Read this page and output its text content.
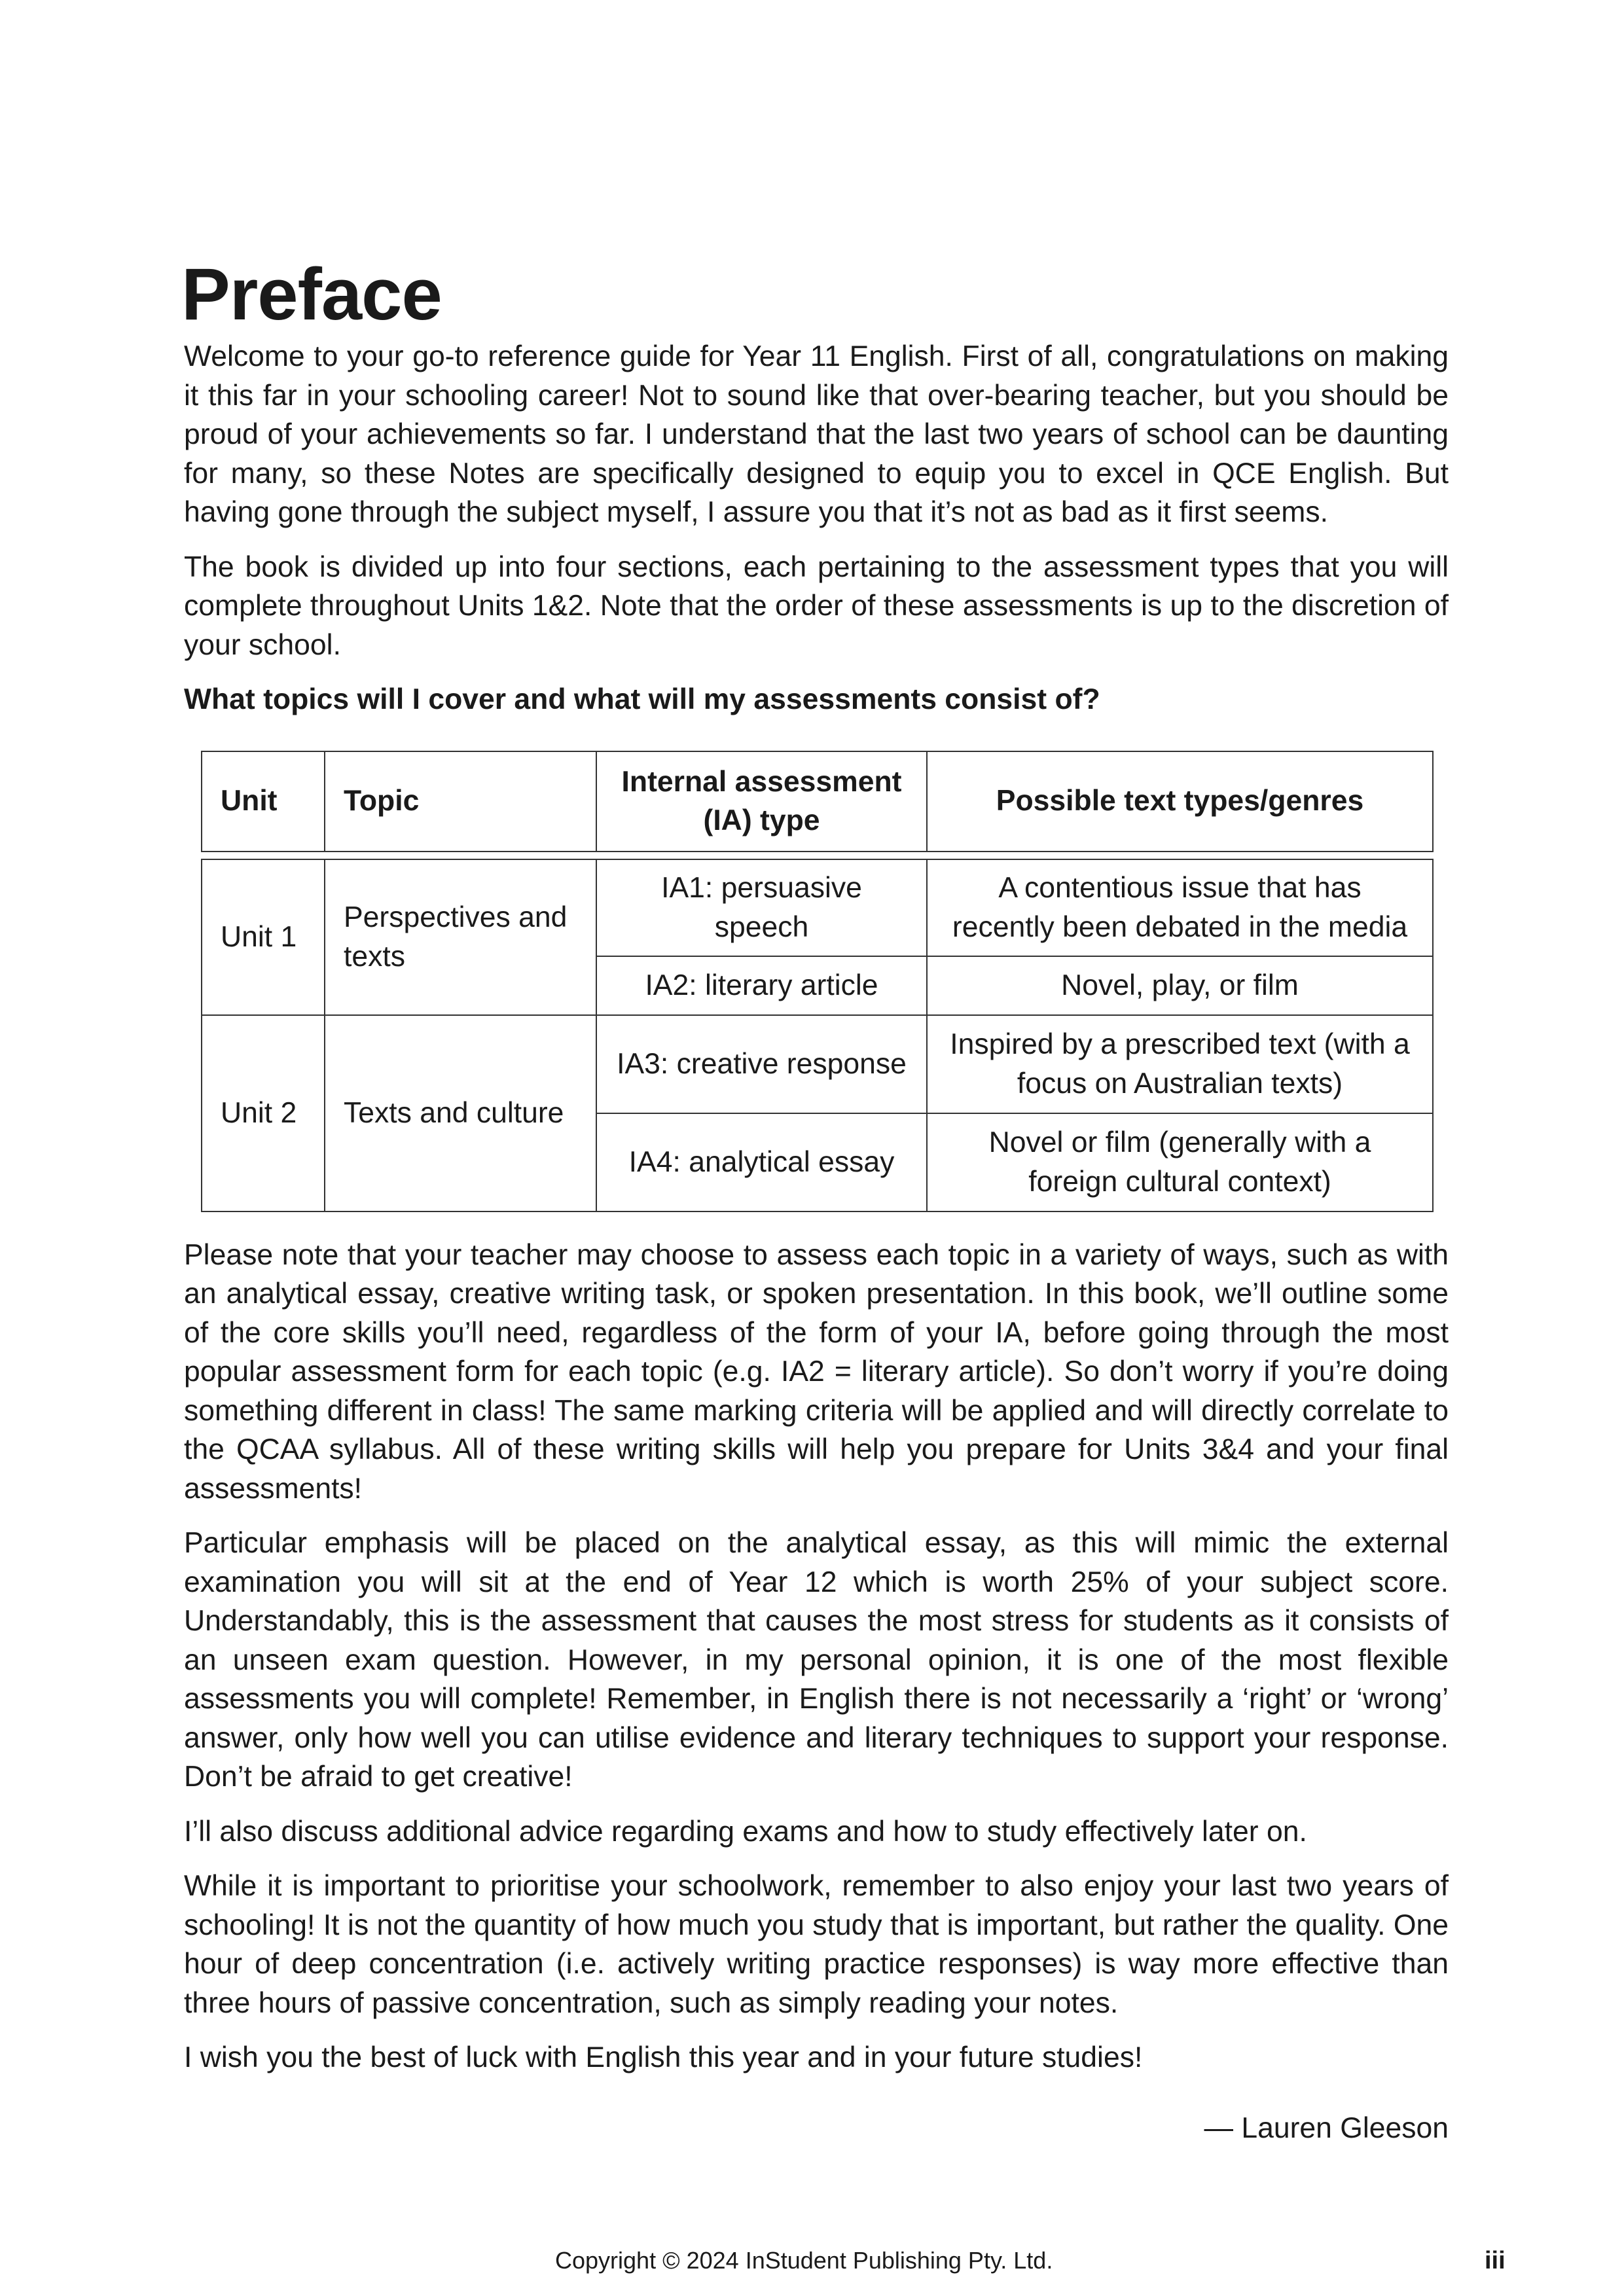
Preface

Welcome to your go-to reference guide for Year 11 English. First of all, congratulations on making it this far in your schooling career! Not to sound like that over-bearing teacher, but you should be proud of your achievements so far. I understand that the last two years of school can be daunting for many, so these Notes are specifically designed to equip you to excel in QCE English. But having gone through the subject myself, I assure you that it’s not as bad as it first seems.

The book is divided up into four sections, each pertaining to the assessment types that you will complete throughout Units 1&2. Note that the order of these assessments is up to the discretion of your school.

What topics will I cover and what will my assessments consist of?

Unit	Topic	Internal assessment (IA) type	Possible text types/genres

Unit 1	Perspectives and texts	IA1: persuasive speech	A contentious issue that has recently been debated in the media
		IA2: literary article	Novel, play, or film
Unit 2	Texts and culture	IA3: creative response	Inspired by a prescribed text (with a focus on Australian texts)
		IA4: analytical essay	Novel or film (generally with a foreign cultural context)

Please note that your teacher may choose to assess each topic in a variety of ways, such as with an analytical essay, creative writing task, or spoken presentation. In this book, we’ll outline some of the core skills you’ll need, regardless of the form of your IA, before going through the most popular assessment form for each topic (e.g. IA2 = literary article). So don’t worry if you’re doing something different in class! The same marking criteria will be applied and will directly correlate to the QCAA syllabus. All of these writing skills will help you prepare for Units 3&4 and your final assessments!

Particular emphasis will be placed on the analytical essay, as this will mimic the external examination you will sit at the end of Year 12 which is worth 25% of your subject score. Understandably, this is the assessment that causes the most stress for students as it consists of an unseen exam question. However, in my personal opinion, it is one of the most flexible assessments you will complete! Remember, in English there is not necessarily a ‘right’ or ‘wrong’ answer, only how well you can utilise evidence and literary techniques to support your response. Don’t be afraid to get creative!

I’ll also discuss additional advice regarding exams and how to study effectively later on.

While it is important to prioritise your schoolwork, remember to also enjoy your last two years of schooling! It is not the quantity of how much you study that is important, but rather the quality. One hour of deep concentration (i.e. actively writing practice responses) is way more effective than three hours of passive concentration, such as simply reading your notes.

I wish you the best of luck with English this year and in your future studies!

— Lauren Gleeson
Copyright © 2024 InStudent Publishing Pty. Ltd.	iii
